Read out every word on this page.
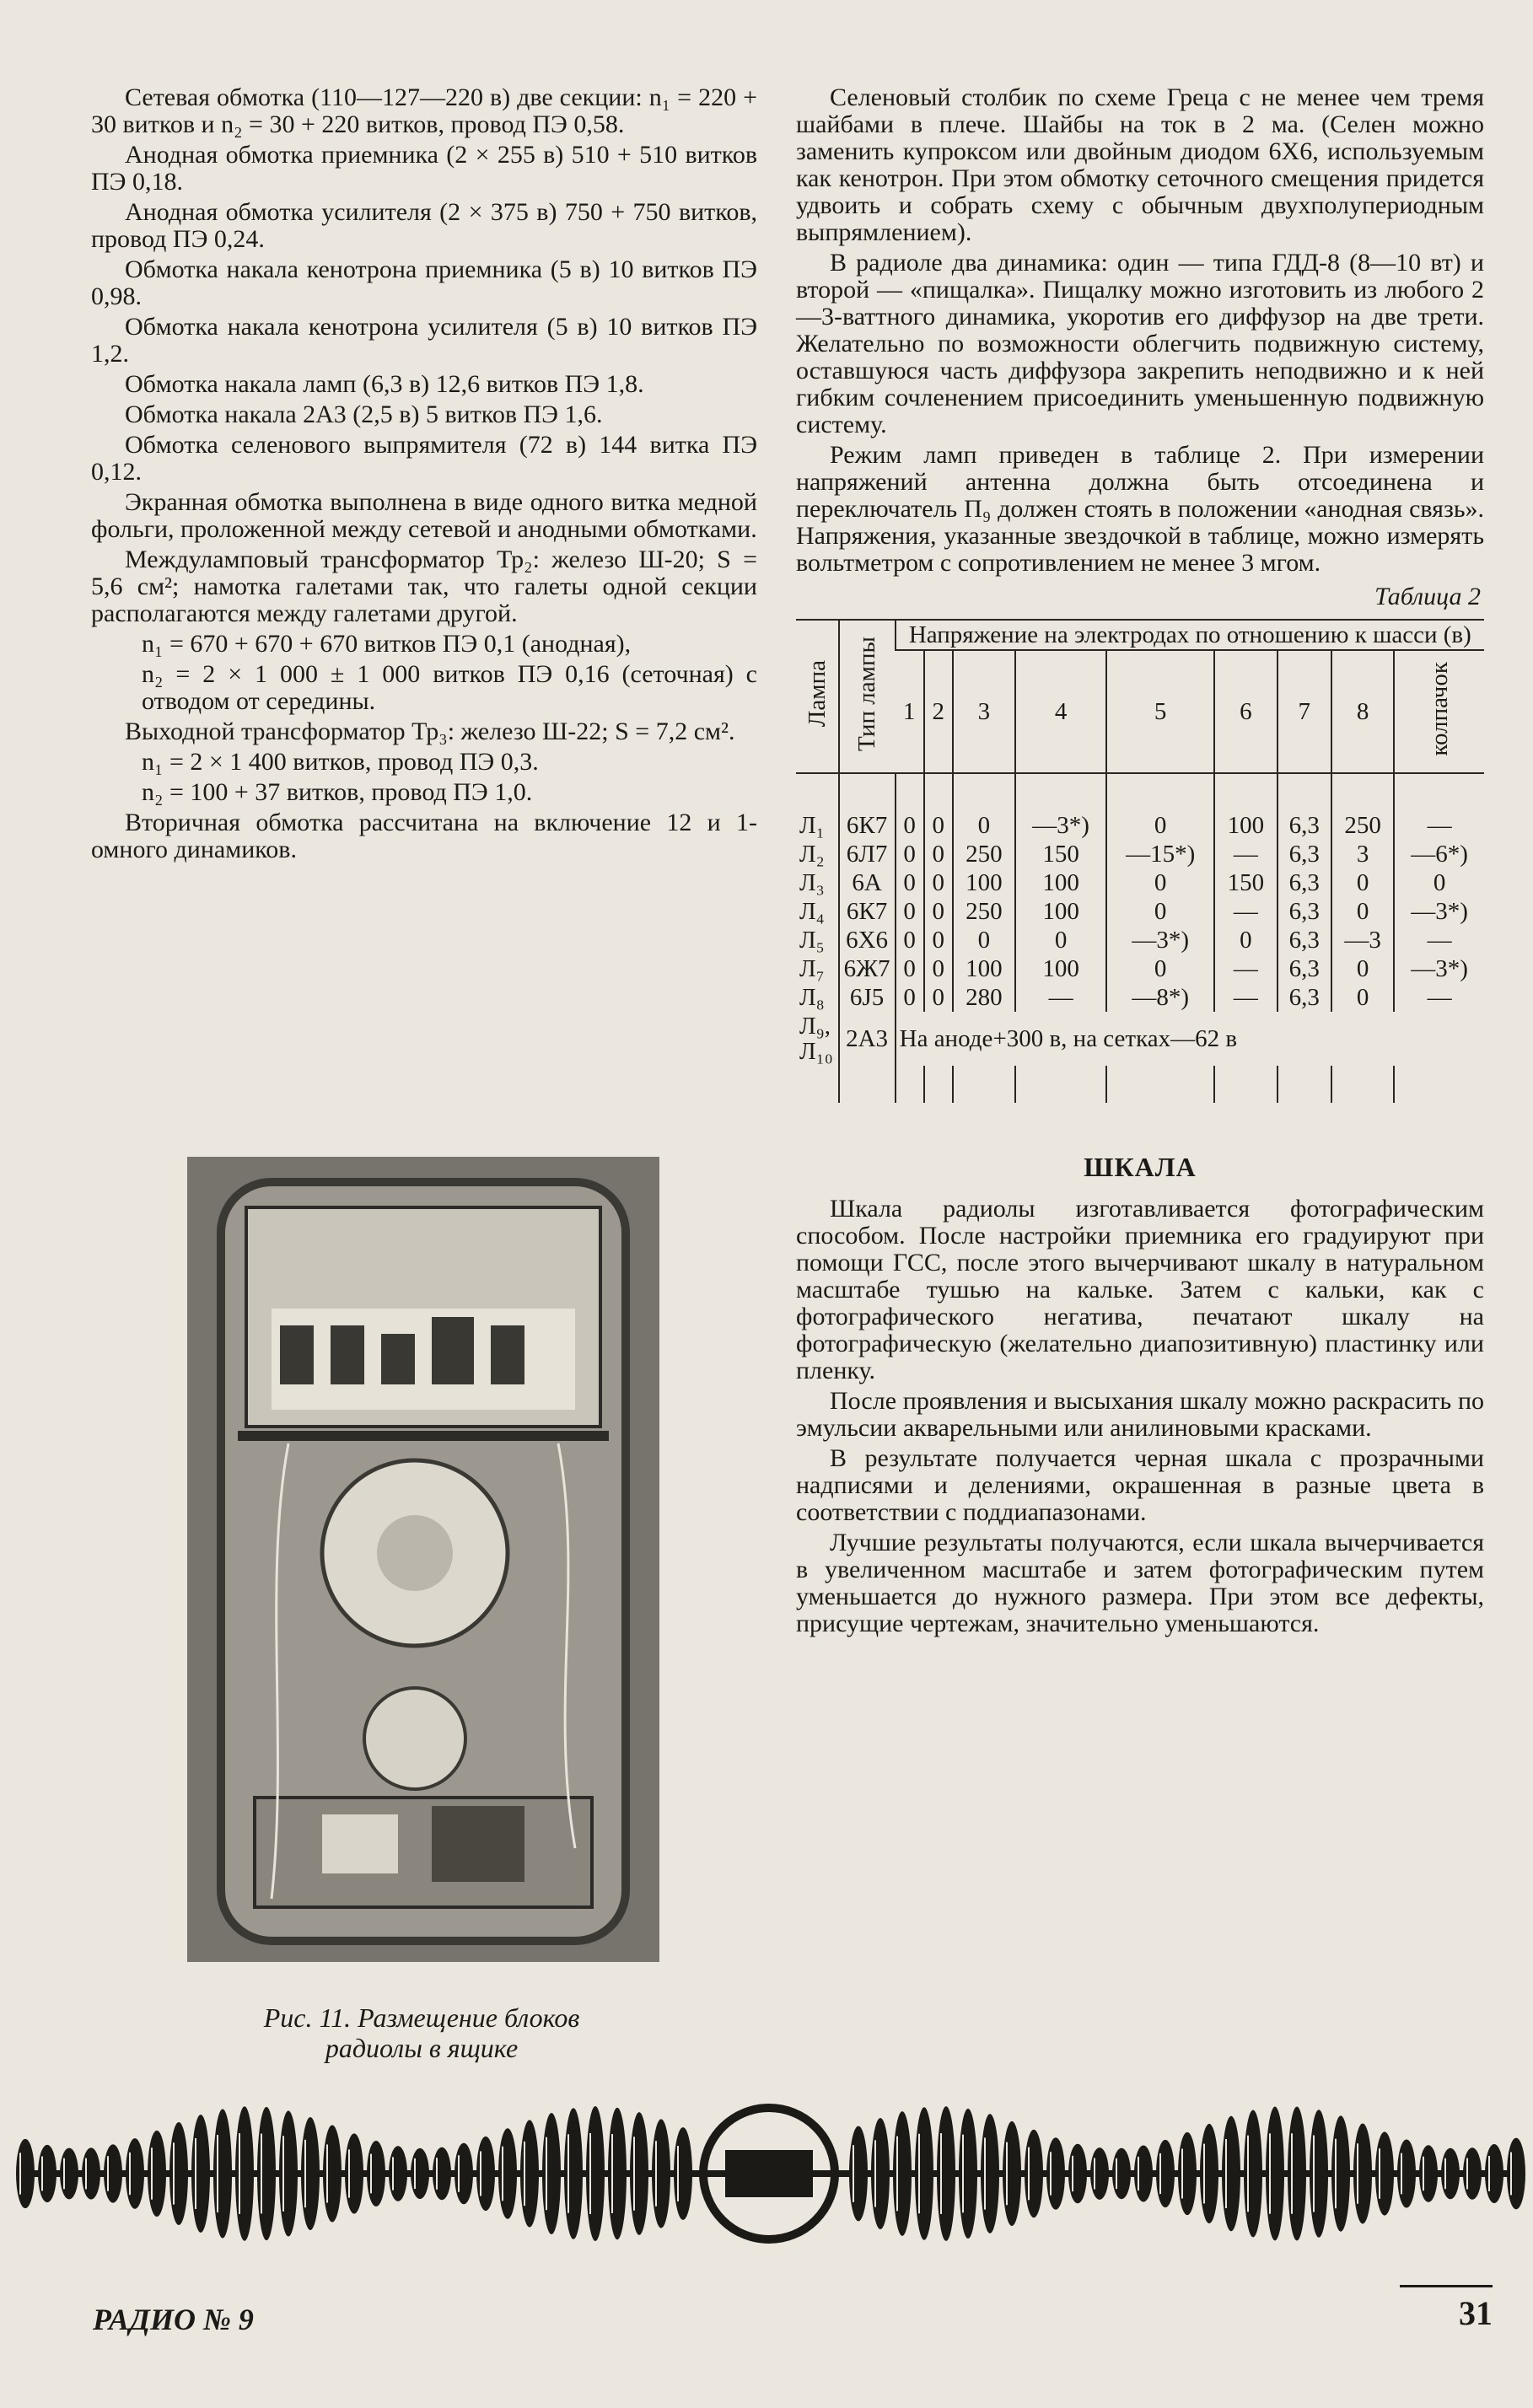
Сетевая обмотка (110—127—220 в) две секции: n₁ = 220 + 30 витков и n₂ = 30 + 220 витков, провод ПЭ 0,58.

Анодная обмотка приемника (2 × 255 в) 510 + 510 витков ПЭ 0,18.

Анодная обмотка усилителя (2 × 375 в) 750 + 750 витков, провод ПЭ 0,24.

Обмотка накала кенотрона приемника (5 в) 10 витков ПЭ 0,98.

Обмотка накала кенотрона усилителя (5 в) 10 витков ПЭ 1,2.

Обмотка накала ламп (6,3 в) 12,6 витков ПЭ 1,8.

Обмотка накала 2А3 (2,5 в) 5 витков ПЭ 1,6.

Обмотка селенового выпрямителя (72 в) 144 витка ПЭ 0,12.

Экранная обмотка выполнена в виде одного витка медной фольги, проложенной между сетевой и анодными обмотками.

Междуламповый трансформатор Тр₂: железо Ш-20; S = 5,6 см²; намотка галетами так, что галеты одной секции располагаются между галетами другой.

n₁ = 670 + 670 + 670 витков ПЭ 0,1 (анодная),

n₂ = 2 × 1 000 ± 1 000 витков ПЭ 0,16 (сеточная) с отводом от середины.

Выходной трансформатор Тр₃: железо Ш-22; S = 7,2 см².

n₁ = 2 × 1 400 витков, провод ПЭ 0,3.

n₂ = 100 + 37 витков, провод ПЭ 1,0.

Вторичная обмотка рассчитана на включение 12 и 1-омного динамиков.

Рис. 11. Размещение блоков
радиолы в ящике

Селеновый столбик по схеме Греца с не менее чем тремя шайбами в плече. Шайбы на ток в 2 ма. (Селен можно заменить купроксом или двойным диодом 6Х6, используемым как кенотрон. При этом обмотку сеточного смещения придется удвоить и собрать схему с обычным двухполупериодным выпрямлением).

В радиоле два динамика: один — типа ГДД-8 (8—10 вт) и второй — «пищалка». Пищалку можно изготовить из любого 2—3-ваттного динамика, укоротив его диффузор на две трети. Желательно по возможности облегчить подвижную систему, оставшуюся часть диффузора закрепить неподвижно и к ней гибким сочленением присоединить уменьшенную подвижную систему.

Режим ламп приведен в таблице 2. При измерении напряжений антенна должна быть отсоединена и переключатель П₉ должен стоять в положении «анодная связь». Напряжения, указанные звездочкой в таблице, можно измерять вольтметром с сопротивлением не менее 3 мгом.

Таблица 2
Лампа	Тип лампы	Напряжение на электродах по отношению к шасси (в)								
		1	2	3	4	5	6	7	8	колпачок

Л₁	6К7	0	0	0	—3*)	0	100	6,3	250	—
Л₂	6Л7	0	0	250	150	—15*)	—	6,3	3	—6*)
Л₃	6А	0	0	100	100	0	150	6,3	0	0
Л₄	6К7	0	0	250	100	0	—	6,3	0	—3*)
Л₅	6Х6	0	0	0	0	—3*)	0	6,3	—3	—
Л₇	6Ж7	0	0	100	100	0	—	6,3	0	—3*)
Л₈	6J5	0	0	280	—	—8*)	—	6,3	0	—

Л₉,
Л₁₀	2А3	На аноде+300 в, на сетках—62 в								

ШКАЛА

Шкала радиолы изготавливается фотографическим способом. После настройки приемника его градуируют при помощи ГСС, после этого вычерчивают шкалу в натуральном масштабе тушью на кальке. Затем с кальки, как с фотографического негатива, печатают шкалу на фотографическую (желательно диапозитивную) пластинку или пленку.

После проявления и высыхания шкалу можно раскрасить по эмульсии акварельными или анилиновыми красками.

В результате получается черная шкала с прозрачными надписями и делениями, окрашенная в разные цвета в соответствии с поддиапазонами.

Лучшие результаты получаются, если шкала вычерчивается в увеличенном масштабе и затем фотографическим путем уменьшается до нужного размера. При этом все дефекты, присущие чертежам, значительно уменьшаются.

РАДИО № 9	31
